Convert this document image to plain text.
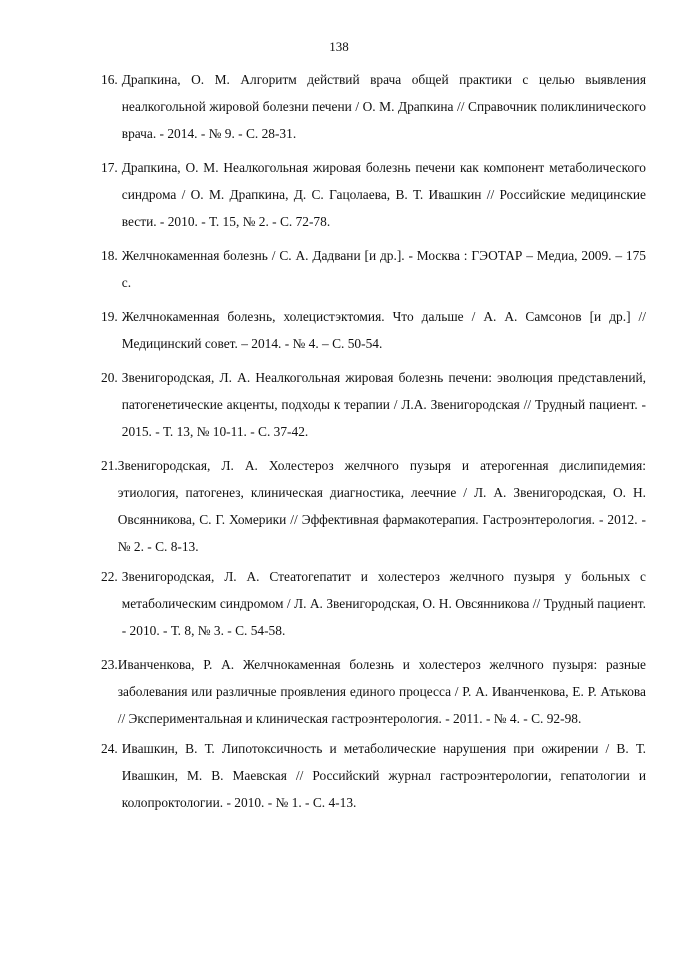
138
16. Драпкина, О. М. Алгоритм действий врача общей практики с целью выявления неалкогольной жировой болезни печени / О. М. Драпкина // Справочник поликлинического врача. - 2014. - № 9. - С. 28-31.
17. Драпкина, О. М. Неалкогольная жировая болезнь печени как компонент метаболического синдрома / О. М. Драпкина, Д. С. Гацолаева, В. Т. Ивашкин // Российские медицинские вести. - 2010. - Т. 15, № 2. - С. 72-78.
18. Желчнокаменная болезнь / С. А. Дадвани [и др.]. - Москва : ГЭОТАР – Медиа, 2009. – 175 с.
19. Желчнокаменная болезнь, холецистэктомия. Что дальше / А. А. Самсонов [и др.] // Медицинский совет. – 2014. - № 4. – С. 50-54.
20. Звенигородская, Л. А. Неалкогольная жировая болезнь печени: эволюция представлений, патогенетические акценты, подходы к терапии / Л.А. Звенигородская // Трудный пациент. - 2015. - Т. 13, № 10-11. - С. 37-42.
21. Звенигородская, Л. А. Холестероз желчного пузыря и атерогенная дислипидемия: этиология, патогенез, клиническая диагностика, леечние / Л. А. Звенигородская, О. Н. Овсянникова, С. Г. Хомерики // Эффективная фармакотерапия. Гастроэнтерология. - 2012. - № 2. - С. 8-13.
22. Звенигородская, Л. А. Стеатогепатит и холестероз желчного пузыря у больных с метаболическим синдромом / Л. А. Звенигородская, О. Н. Овсянникова // Трудный пациент. - 2010. - Т. 8, № 3. - С. 54-58.
23. Иванченкова, Р. А. Желчнокаменная болезнь и холестероз желчного пузыря: разные заболевания или различные проявления единого процесса / Р. А. Иванченкова, Е. Р. Атькова // Экспериментальная и клиническая гастроэнтерология. - 2011. - № 4. - С. 92-98.
24. Ивашкин, В. Т. Липотоксичность и метаболические нарушения при ожирении / В. Т. Ивашкин, М. В. Маевская // Российский журнал гастроэнтерологии, гепатологии и колопроктологии. - 2010. - № 1. - С. 4-13.
